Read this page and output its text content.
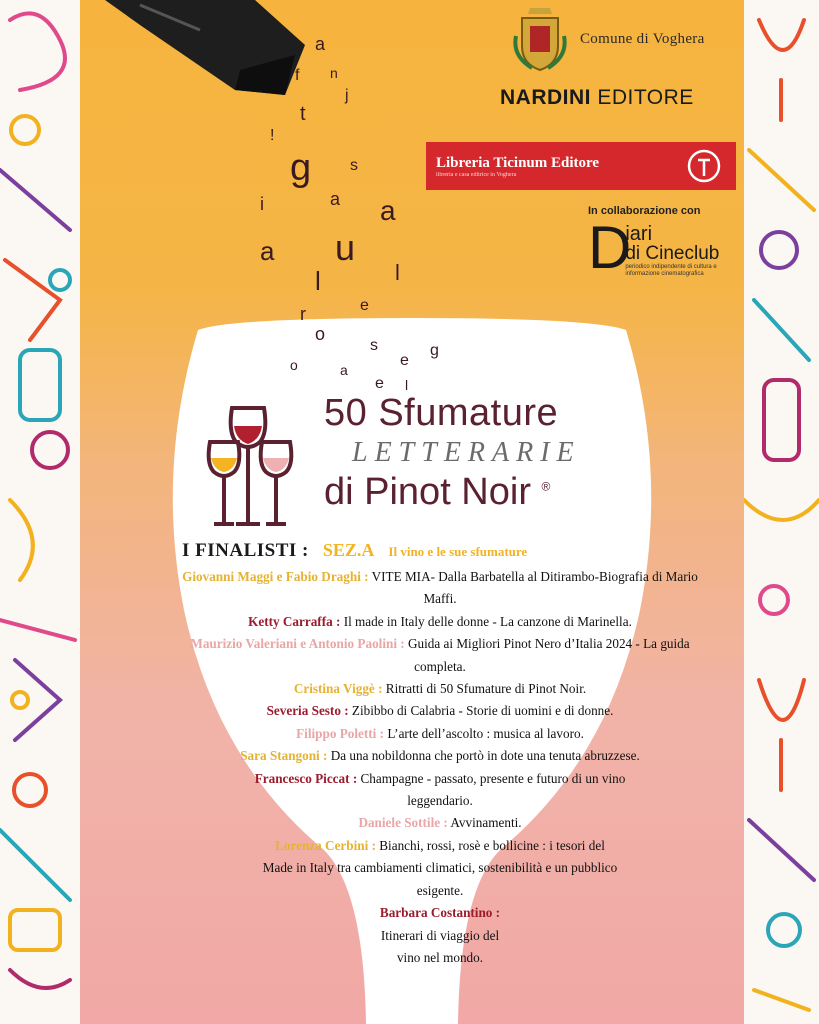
a
f n
j
t
!
g s
a
i	a
u
a
l	l
r	e
o
s
o	a
e
g
l
e
Comune di Voghera
NARDINI EDITORE
Libreria Ticinum Editore
libreria e casa editrice in Voghera
In collaborazione con
D
iari
di Cineclub
periodico indipendente di cultura e informazione cinematografica
50 Sfumature
LETTERARIE
di Pinot Noir ®
I FINALISTI : SEZ.A Il vino e le sue sfumature
Giovanni Maggi e Fabio Draghi : VITE MIA- Dalla Barbatella al Ditirambo-Biografia di Mario Maffi.
Ketty Carraffa : Il made in Italy delle donne - La canzone di Marinella.
Maurizio Valeriani e Antonio Paolini : Guida ai Migliori Pinot Nero d’Italia 2024 - La guida completa.
Cristina Viggè : Ritratti di 50 Sfumature di Pinot Noir.
Severia Sesto : Zibibbo di Calabria - Storie di uomini e di donne.
Filippo Poletti : L’arte dell’ascolto : musica al lavoro.
Sara Stangoni : Da una nobildonna che portò in dote una tenuta abruzzese.
Francesco Piccat : Champagne - passato, presente e futuro di un vino leggendario.
Daniele Sottile : Avvinamenti.
Lorenza Cerbini : Bianchi, rossi, rosè e bollicine : i tesori del Made in Italy tra cambiamenti climatici, sostenibilità e un pubblico esigente.
Barbara Costantino : Itinerari di viaggio del vino nel mondo.
